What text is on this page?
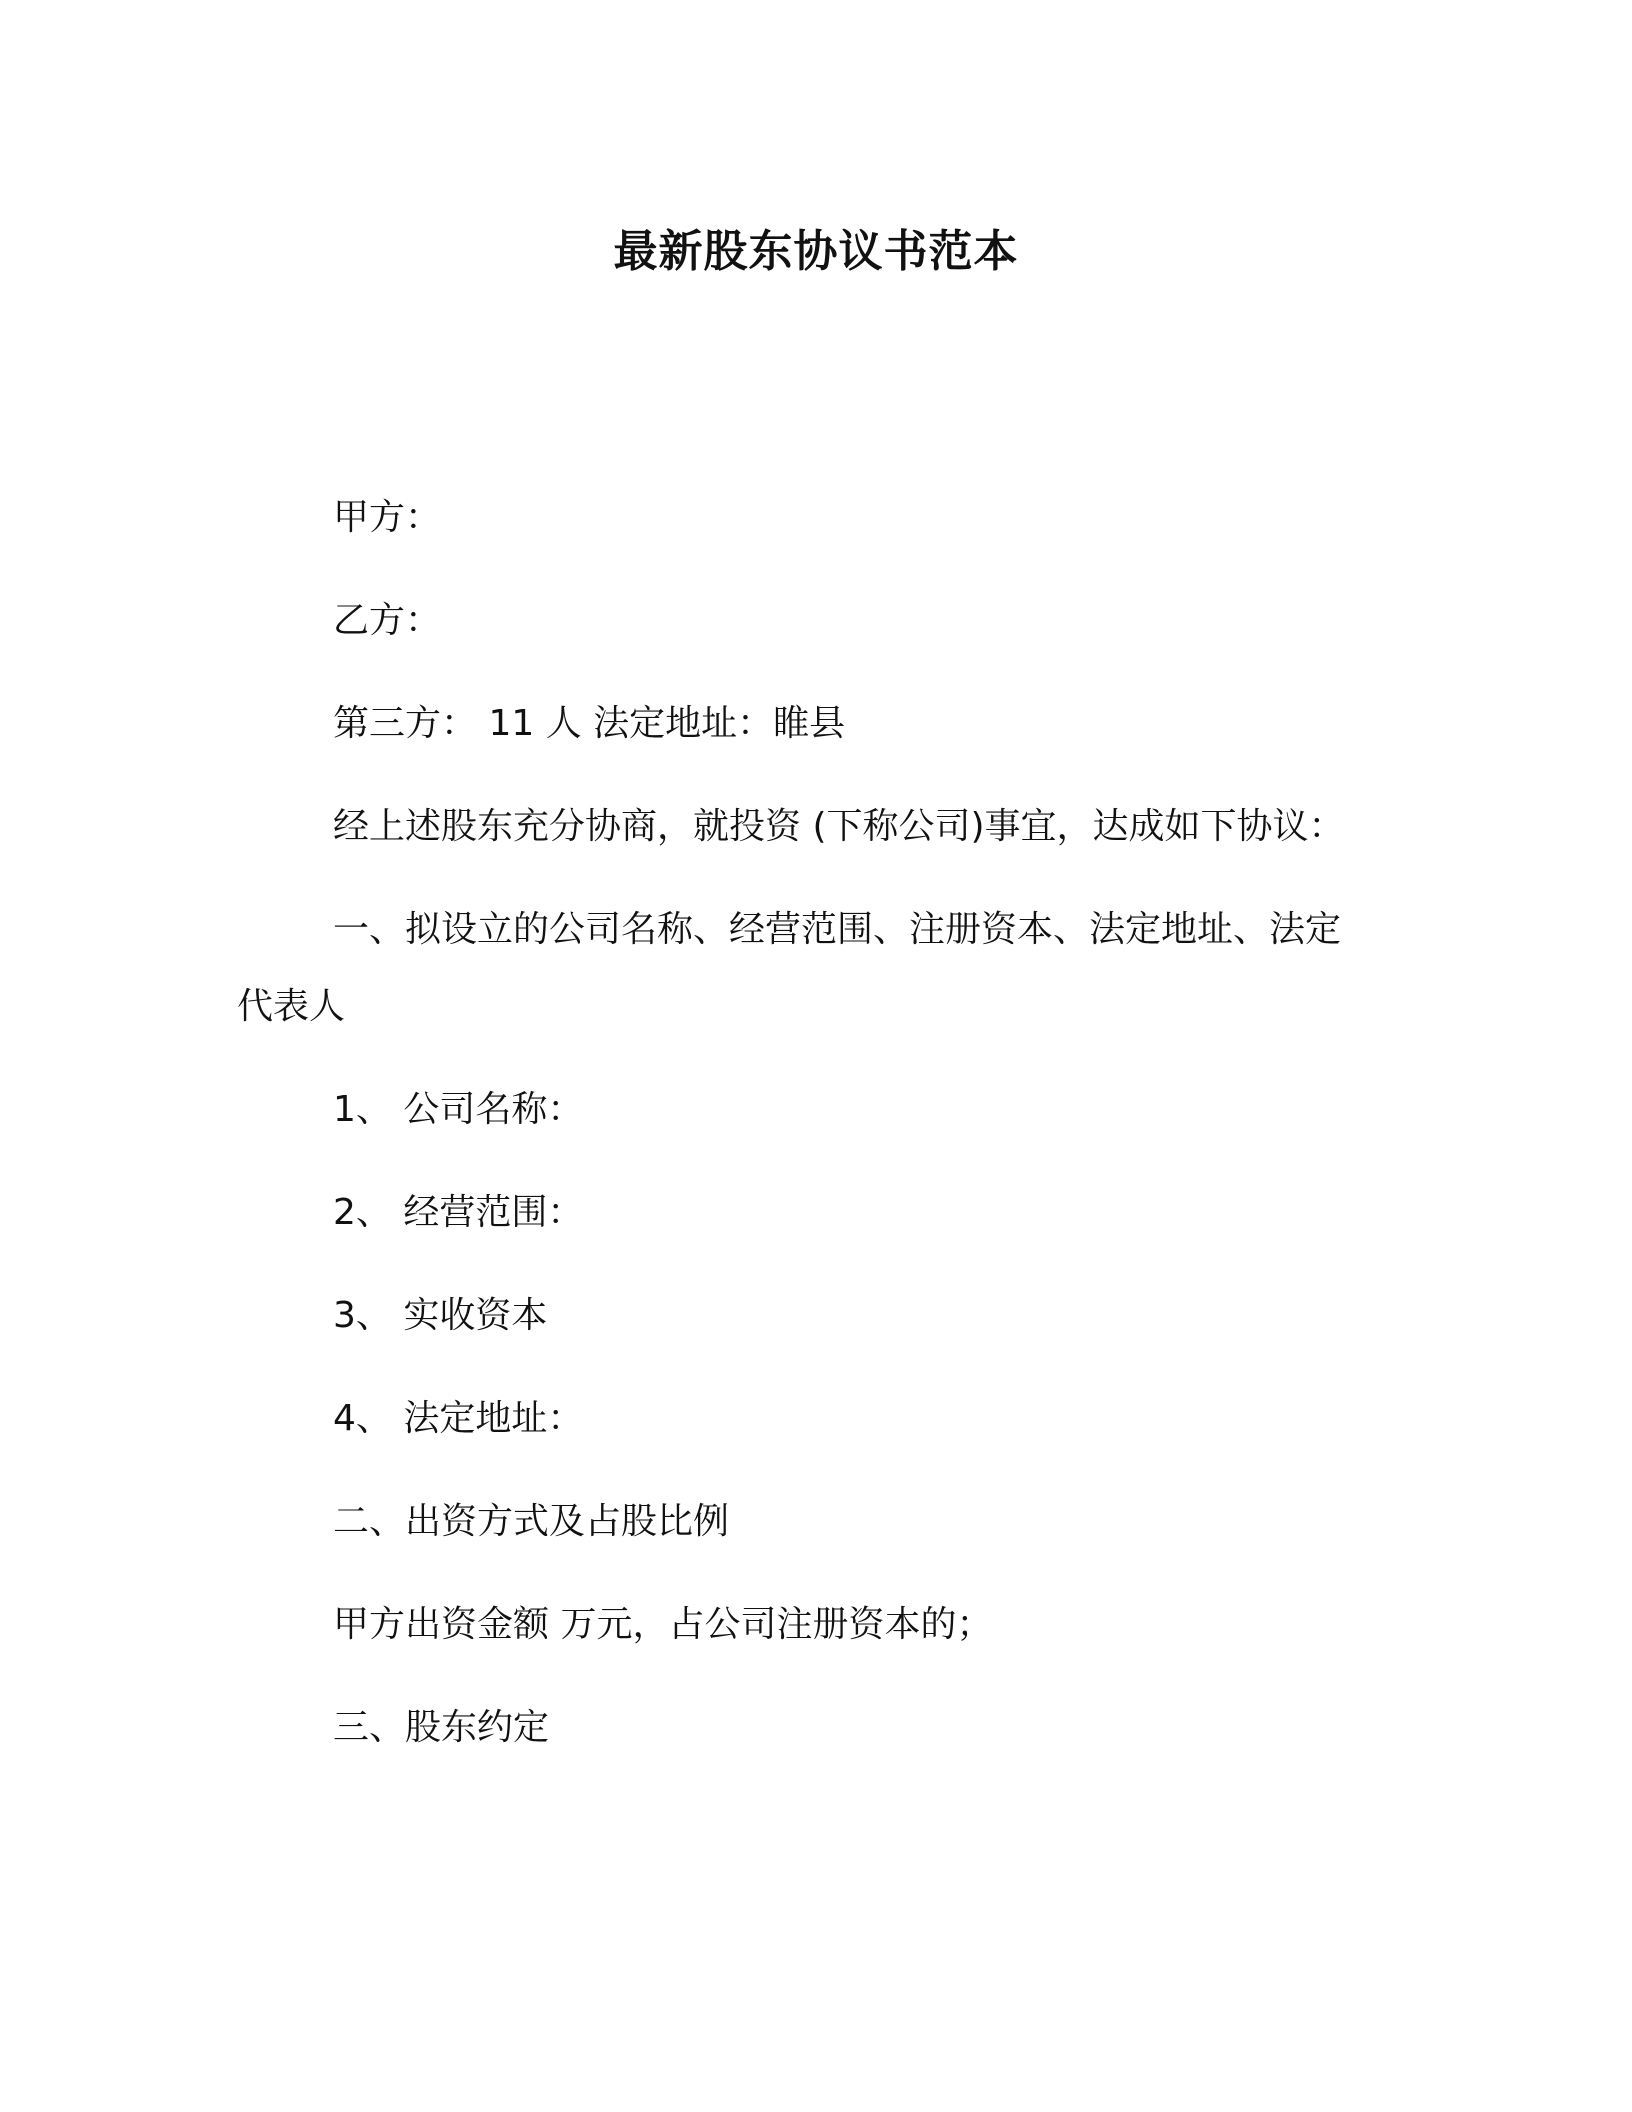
最新股东协议书范本
甲方：
乙方：
第三方： 11 人 法定地址：睢县
经上述股东充分协商，就投资 (下称公司)事宜，达成如下协议：
一、拟设立的公司名称、经营范围、注册资本、法定地址、法定
代表人
1、 公司名称：
2、 经营范围：
3、 实收资本
4、 法定地址：
二、出资方式及占股比例
甲方出资金额 万元，占公司注册资本的；
三、股东约定
